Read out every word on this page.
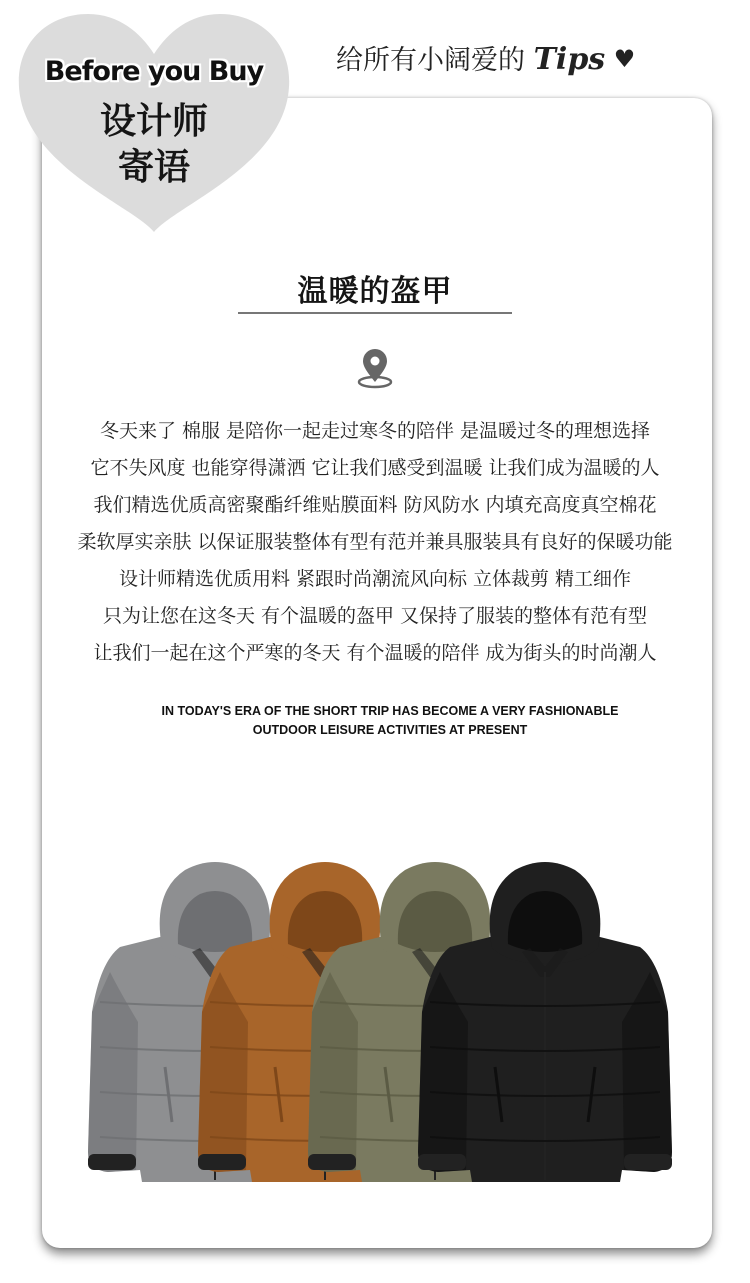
Before you Buy
设计师
寄语
给所有小阔爱的 Tips ♥
温暖的盔甲

冬天来了 棉服 是陪你一起走过寒冬的陪伴 是温暖过冬的理想选择

它不失风度 也能穿得潇洒 它让我们感受到温暖 让我们成为温暖的人

我们精选优质高密聚酯纤维贴膜面料 防风防水 内填充高度真空棉花

柔软厚实亲肤 以保证服装整体有型有范并兼具服装具有良好的保暖功能

设计师精选优质用料 紧跟时尚潮流风向标 立体裁剪 精工细作

只为让您在这冬天 有个温暖的盔甲 又保持了服装的整体有范有型

让我们一起在这个严寒的冬天 有个温暖的陪伴 成为街头的时尚潮人

IN TODAY'S ERA OF THE SHORT TRIP HAS BECOME A VERY FASHIONABLE
OUTDOOR LEISURE ACTIVITIES AT PRESENT
